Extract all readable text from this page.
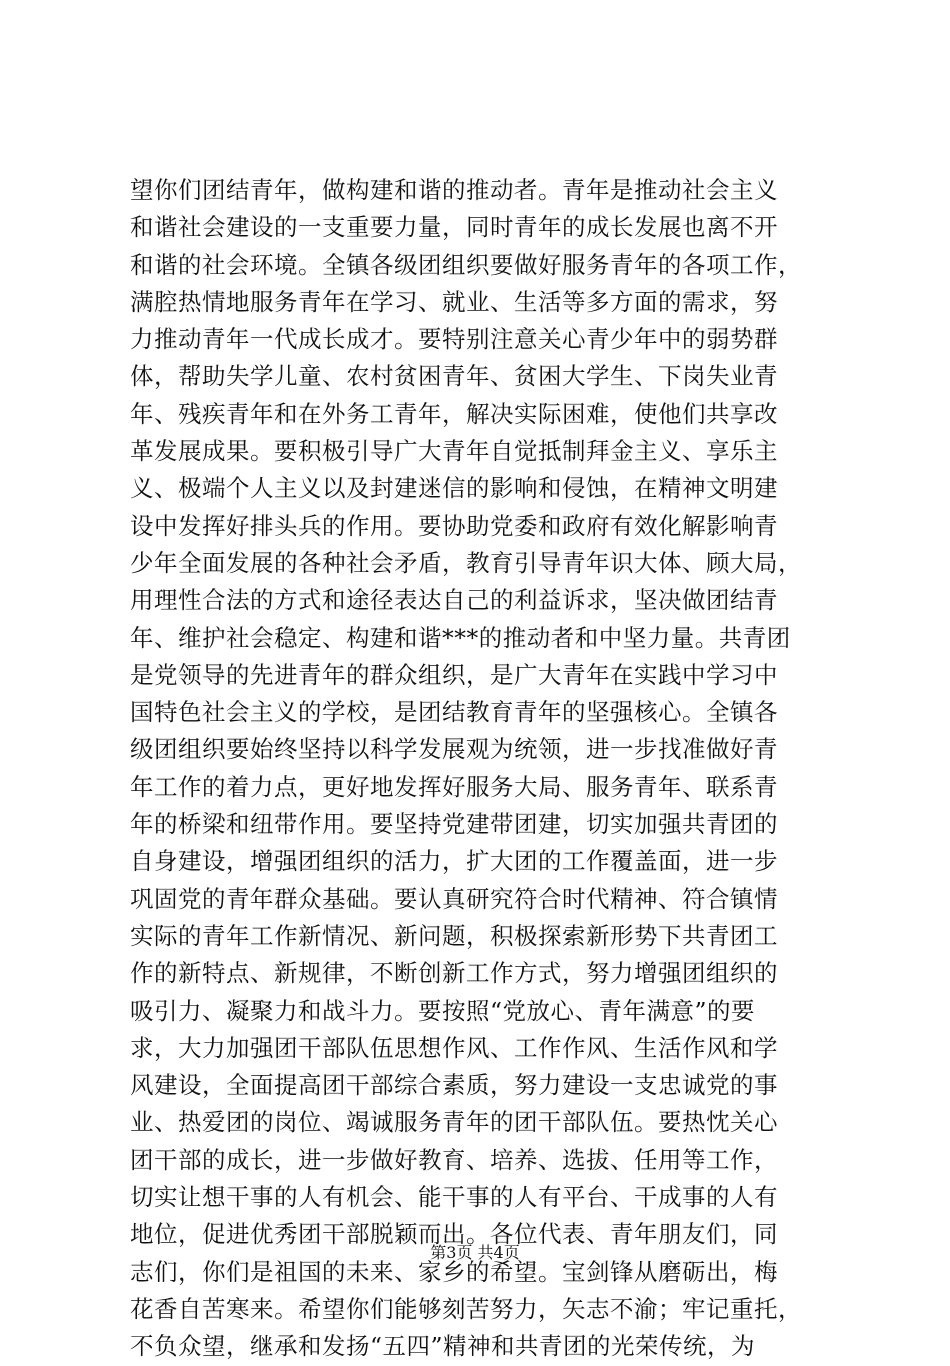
望你们团结青年，做构建和谐的推动者。青年是推动社会主义
和谐社会建设的一支重要力量，同时青年的成长发展也离不开
和谐的社会环境。全镇各级团组织要做好服务青年的各项工作，
满腔热情地服务青年在学习、就业、生活等多方面的需求，努
力推动青年一代成长成才。要特别注意关心青少年中的弱势群
体，帮助失学儿童、农村贫困青年、贫困大学生、下岗失业青
年、残疾青年和在外务工青年，解决实际困难，使他们共享改
革发展成果。要积极引导广大青年自觉抵制拜金主义、享乐主
义、极端个人主义以及封建迷信的影响和侵蚀，在精神文明建
设中发挥好排头兵的作用。要协助党委和政府有效化解影响青
少年全面发展的各种社会矛盾，教育引导青年识大体、顾大局，
用理性合法的方式和途径表达自己的利益诉求，坚决做团结青
年、维护社会稳定、构建和谐***的推动者和中坚力量。共青团
是党领导的先进青年的群众组织，是广大青年在实践中学习中
国特色社会主义的学校，是团结教育青年的坚强核心。全镇各
级团组织要始终坚持以科学发展观为统领，进一步找准做好青
年工作的着力点，更好地发挥好服务大局、服务青年、联系青
年的桥梁和纽带作用。要坚持党建带团建，切实加强共青团的
自身建设，增强团组织的活力，扩大团的工作覆盖面，进一步
巩固党的青年群众基础。要认真研究符合时代精神、符合镇情
实际的青年工作新情况、新问题，积极探索新形势下共青团工
作的新特点、新规律，不断创新工作方式，努力增强团组织的
吸引力、凝聚力和战斗力。要按照“党放心、青年满意”的要
求，大力加强团干部队伍思想作风、工作作风、生活作风和学
风建设，全面提高团干部综合素质，努力建设一支忠诚党的事
业、热爱团的岗位、竭诚服务青年的团干部队伍。要热忱关心
团干部的成长，进一步做好教育、培养、选拔、任用等工作，
切实让想干事的人有机会、能干事的人有平台、干成事的人有
地位，促进优秀团干部脱颖而出。各位代表、青年朋友们，同
志们，你们是祖国的未来、家乡的希望。宝剑锋从磨砺出，梅
花香自苦寒来。希望你们能够刻苦努力，矢志不渝；牢记重托，
不负众望，继承和发扬“五四”精神和共青团的光荣传统，为
第3页 共4页
